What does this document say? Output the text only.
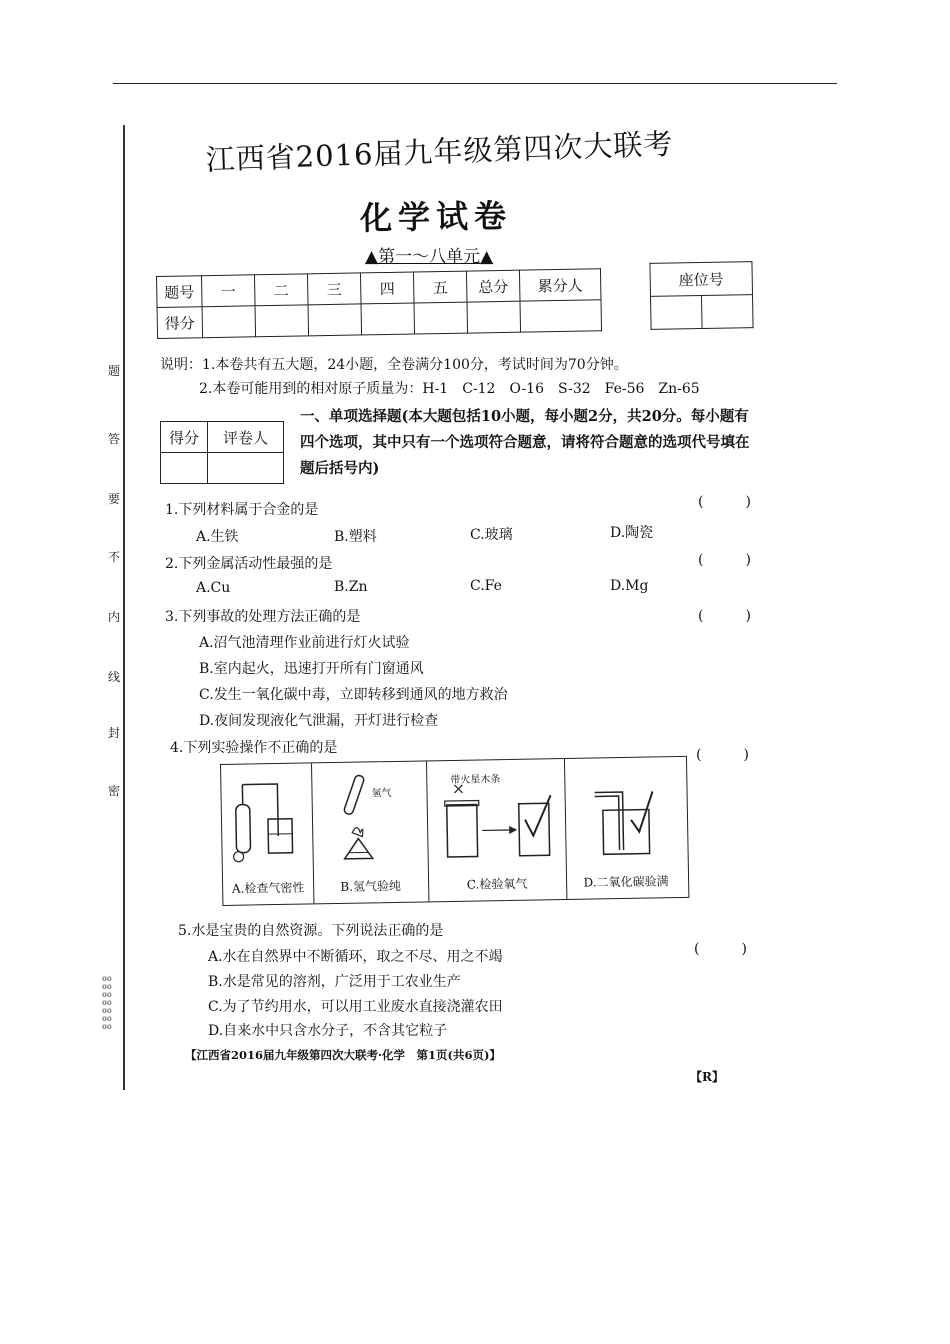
题
答
要
不
内
线
封
密
oooooooooooooo
江西省2016届九年级第四次大联考
化学试卷
▲第一～八单元▲
题号	一	二	三	四	五	总分	累分人
得分							
座位号

说明：1.本卷共有五大题，24小题，全卷满分100分，考试时间为70分钟。
2.本卷可能用到的相对原子质量为：H-1　C-12　O-16　S-32　Fe-56　Zn-65
得分	评卷人

一、单项选择题(本大题包括10小题，每小题2分，共20分。每小题有四个选项，其中只有一个选项符合题意，请将符合题意的选项代号填在题后括号内)
1.下列材料属于合金的是	(　)
A.生铁	B.塑料	C.玻璃	D.陶瓷
2.下列金属活动性最强的是	(　)
A.Cu	B.Zn	C.Fe	D.Mg
3.下列事故的处理方法正确的是	(　)
A.沼气池清理作业前进行灯火试验
B.室内起火，迅速打开所有门窗通风
C.发生一氧化碳中毒，立即转移到通风的地方救治
D.夜间发现液化气泄漏，开灯进行检查
4.下列实验操作不正确的是	(　)
A.检查气密性
氢气
B.氢气验纯
带火星木条
C.检验氧气	D.二氧化碳验满
5.水是宝贵的自然资源。下列说法正确的是
(　)
A.水在自然界中不断循环，取之不尽、用之不竭
B.水是常见的溶剂，广泛用于工农业生产
C.为了节约用水，可以用工业废水直接浇灌农田
D.自来水中只含水分子，不含其它粒子
【江西省2016届九年级第四次大联考·化学　第1页(共6页)】
【R】
